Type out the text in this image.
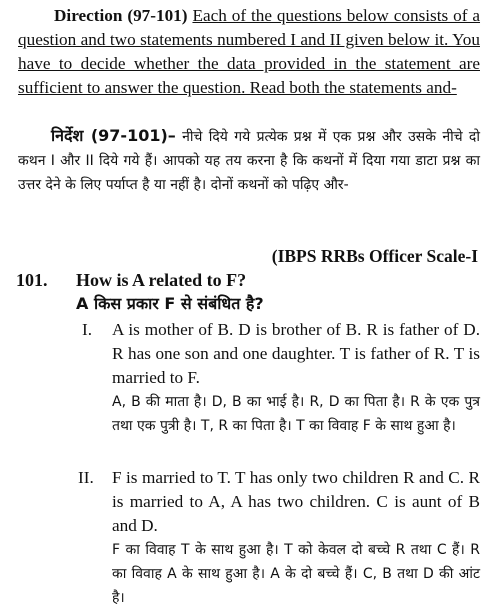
Direction (97-101) Each of the questions below consists of a question and two statements numbered I and II given below it. You have to decide whether the data provided in the statement are sufficient to answer the question. Read both the statements and-

निर्देश (97-101)– नीचे दिये गये प्रत्येक प्रश्न में एक प्रश्न और उसके नीचे दो कथन I और II दिये गये हैं। आपको यह तय करना है कि कथनों में दिया गया डाटा प्रश्न का उत्तर देने के लिए पर्याप्त है या नहीं है। दोनों कथनों को पढ़िए और-

(IBPS RRBs Officer Scale-I
101. How is A related to F?
A किस प्रकार F से संबंधित है?
I. A is mother of B. D is brother of B. R is father of D. R has one son and one daughter. T is father of R. T is married to F.

A, B की माता है। D, B का भाई है। R, D का पिता है। R के एक पुत्र तथा एक पुत्री है। T, R का पिता है। T का विवाह F के साथ हुआ है।

II. F is married to T. T has only two children R and C. R is married to A, A has two children. C is aunt of B and D.

F का विवाह T के साथ हुआ है। T को केवल दो बच्चे R तथा C हैं। R का विवाह A के साथ हुआ है। A के दो बच्चे हैं। C, B तथा D की आंट है।
